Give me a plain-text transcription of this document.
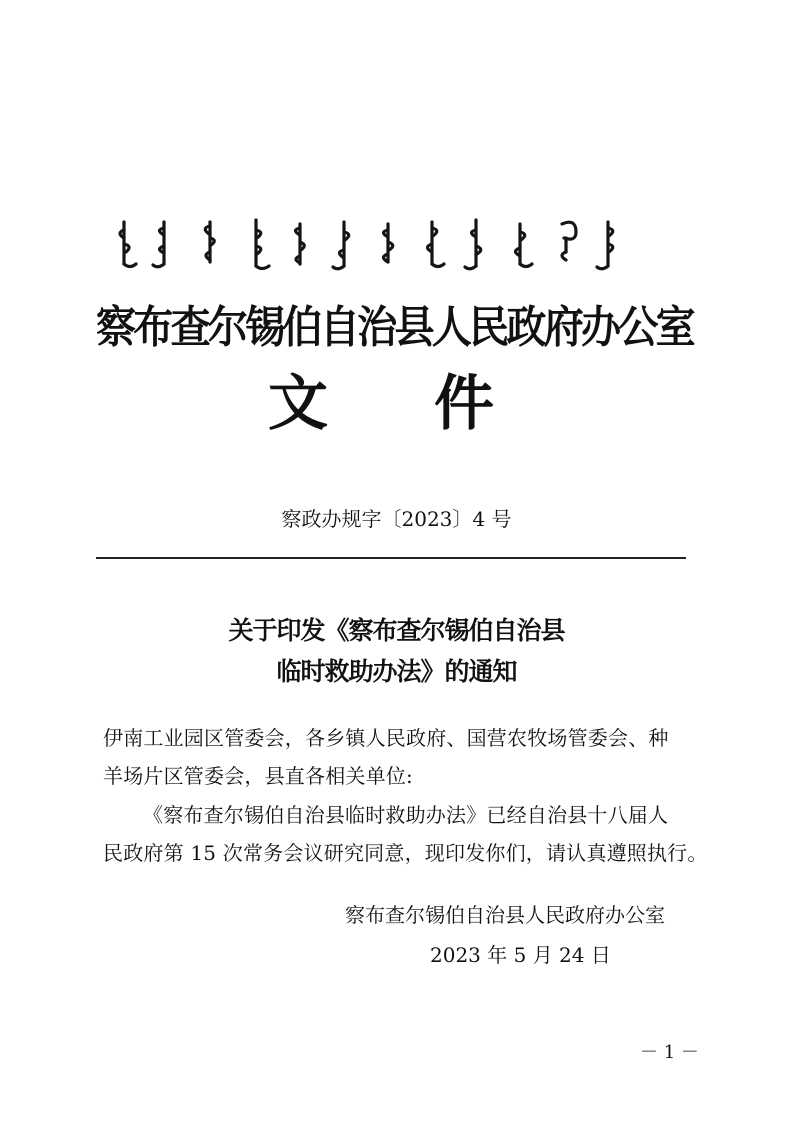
察布查尔锡伯自治县人民政府办公室
文 件
察政办规字〔2023〕4 号
关于印发《察布查尔锡伯自治县
临时救助办法》的通知

伊南工业园区管委会，各乡镇人民政府、国营农牧场管委会、种
羊场片区管委会，县直各相关单位:

《察布查尔锡伯自治县临时救助办法》已经自治县十八届人
民政府第 15 次常务会议研究同意，现印发你们，请认真遵照执行。

察布查尔锡伯自治县人民政府办公室
2023 年 5 月 24 日
－ 1 －
